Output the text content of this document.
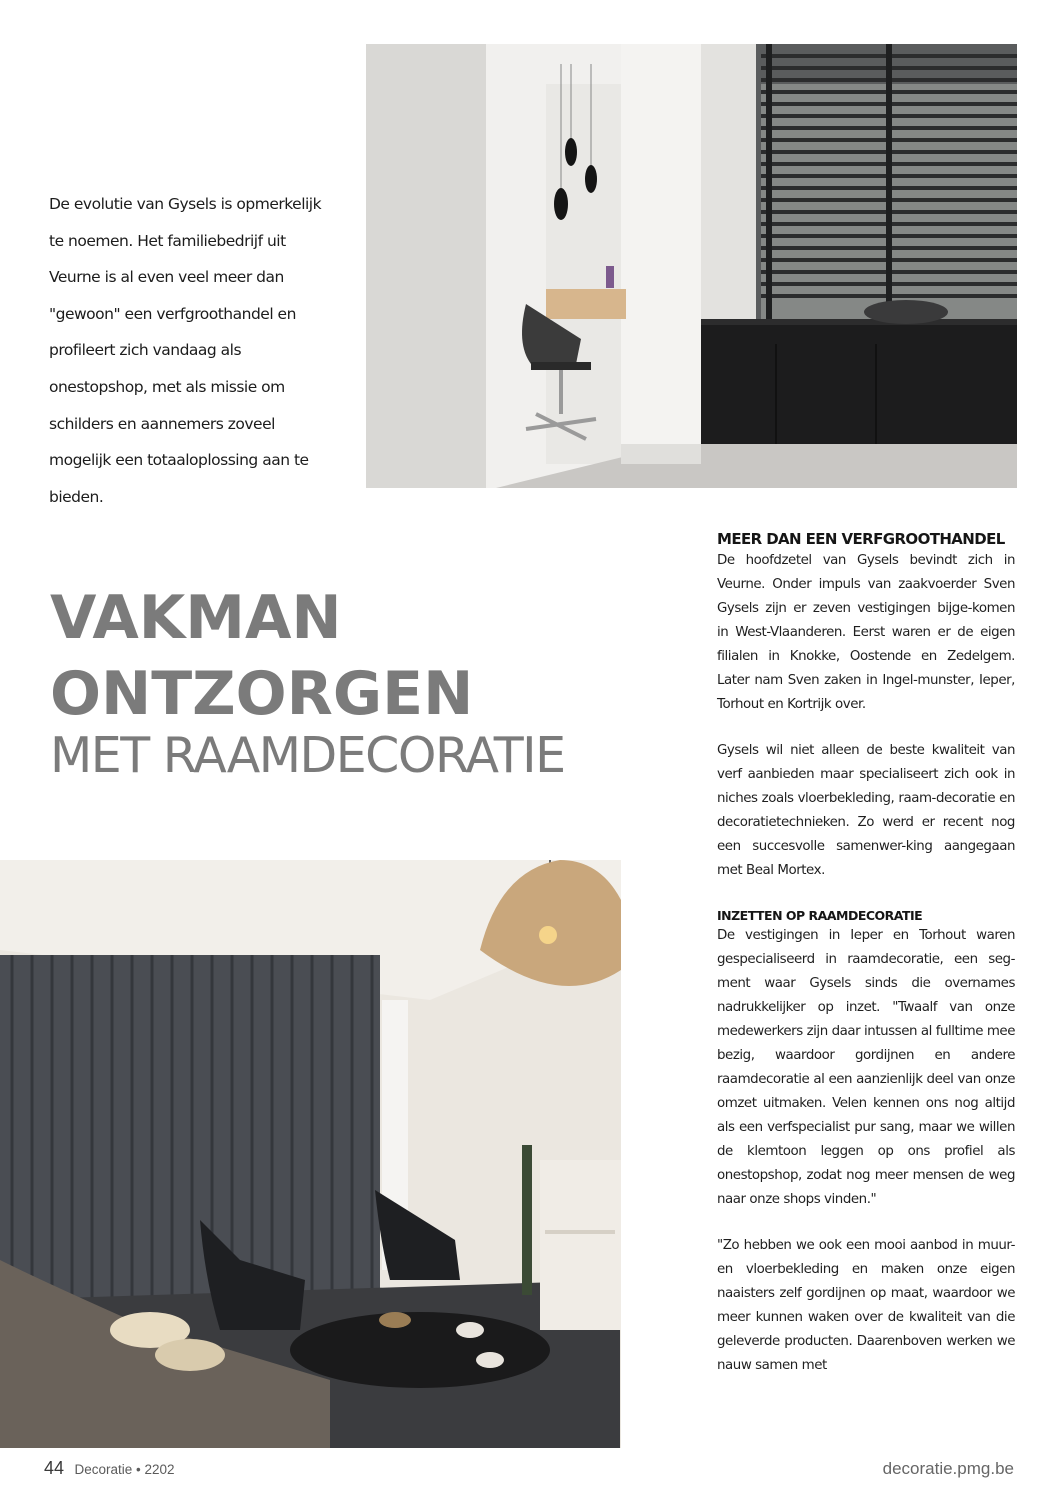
De evolutie van Gysels is opmerkelijk
te noemen. Het familiebedrijf uit
Veurne is al even veel meer dan
"gewoon" een verfgroothandel en
profileert zich vandaag als
onestopshop, met als missie om
schilders en aannemers zoveel
mogelijk een totaaloplossing aan te
bieden.
VAKMAN
ONTZORGEN
MET RAAMDECORATIE
MEER DAN EEN VERFGROOTHANDEL

De hoofdzetel van Gysels bevindt zich in Veurne. Onder impuls van zaakvoerder Sven Gysels zijn er zeven vestigingen bijge-komen in West-Vlaanderen. Eerst waren er de eigen filialen in Knokke, Oostende en Zedelgem. Later nam Sven zaken in Ingel-munster, Ieper, Torhout en Kortrijk over.

Gysels wil niet alleen de beste kwaliteit van verf aanbieden maar specialiseert zich ook in niches zoals vloerbekleding, raam-decoratie en decoratietechnieken. Zo werd er recent nog een succesvolle samenwer-king aangegaan met Beal Mortex.

INZETTEN OP RAAMDECORATIE

De vestigingen in Ieper en Torhout waren gespecialiseerd in raamdecoratie, een seg-ment waar Gysels sinds die overnames nadrukkelijker op inzet. "Twaalf van onze medewerkers zijn daar intussen al fulltime mee bezig, waardoor gordijnen en andere raamdecoratie al een aanzienlijk deel van onze omzet uitmaken. Velen kennen ons nog altijd als een verfspecialist pur sang, maar we willen de klemtoon leggen op ons profiel als onestopshop, zodat nog meer mensen de weg naar onze shops vinden."

"Zo hebben we ook een mooi aanbod in muur- en vloerbekleding en maken onze eigen naaisters zelf gordijnen op maat, waardoor we meer kunnen waken over de kwaliteit van die geleverde producten. Daarenboven werken we nauw samen met

44 Decoratie • 2202	decoratie.pmg.be
